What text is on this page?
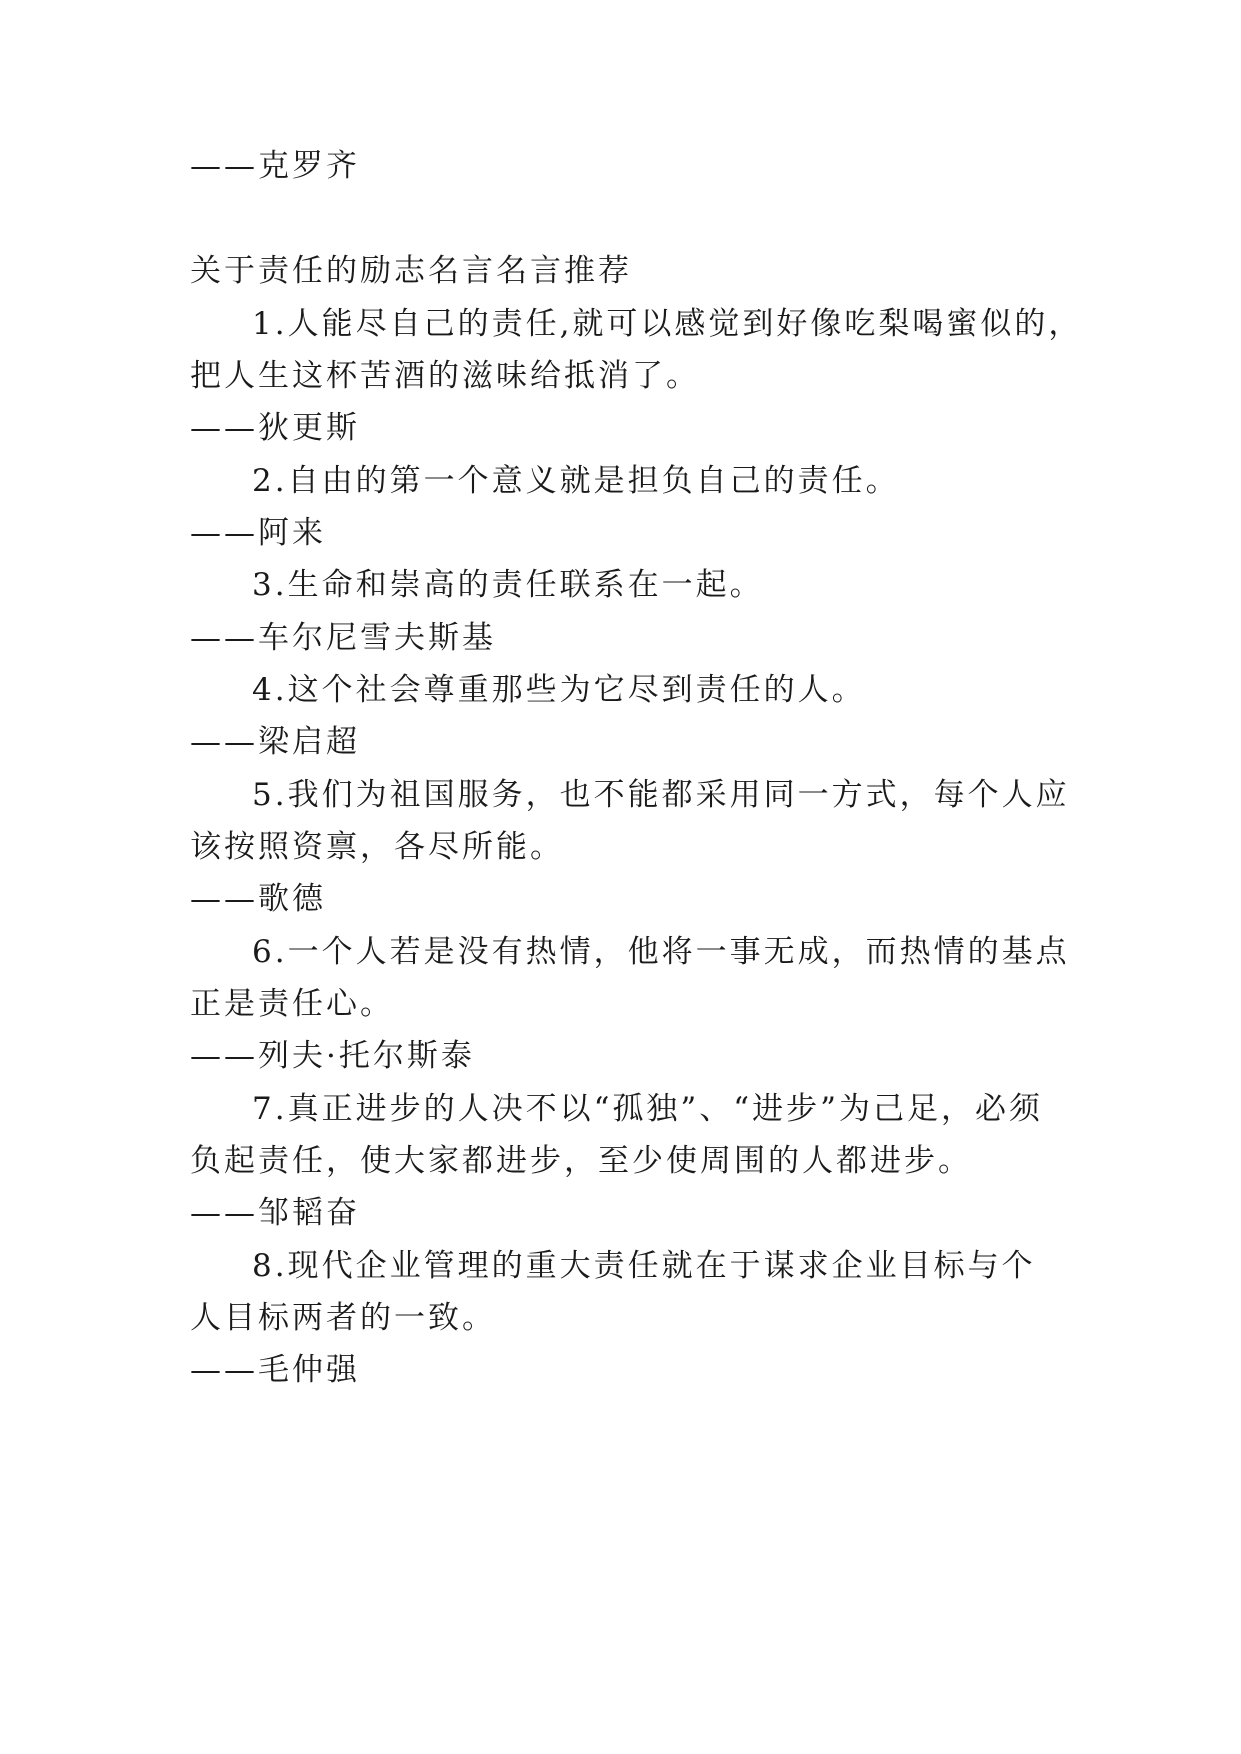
——克罗齐
关于责任的励志名言名言推荐
1.人能尽自己的责任,就可以感觉到好像吃梨喝蜜似的，
把人生这杯苦酒的滋味给抵消了。
——狄更斯
2.自由的第一个意义就是担负自己的责任。
——阿来
3.生命和崇高的责任联系在一起。
——车尔尼雪夫斯基
4.这个社会尊重那些为它尽到责任的人。
——梁启超
5.我们为祖国服务，也不能都采用同一方式，每个人应
该按照资禀，各尽所能。
——歌德
6.一个人若是没有热情，他将一事无成，而热情的基点
正是责任心。
——列夫·托尔斯泰
7.真正进步的人决不以“孤独”、“进步”为己足，必须
负起责任，使大家都进步，至少使周围的人都进步。
——邹韬奋
8.现代企业管理的重大责任就在于谋求企业目标与个
人目标两者的一致。
——毛仲强
